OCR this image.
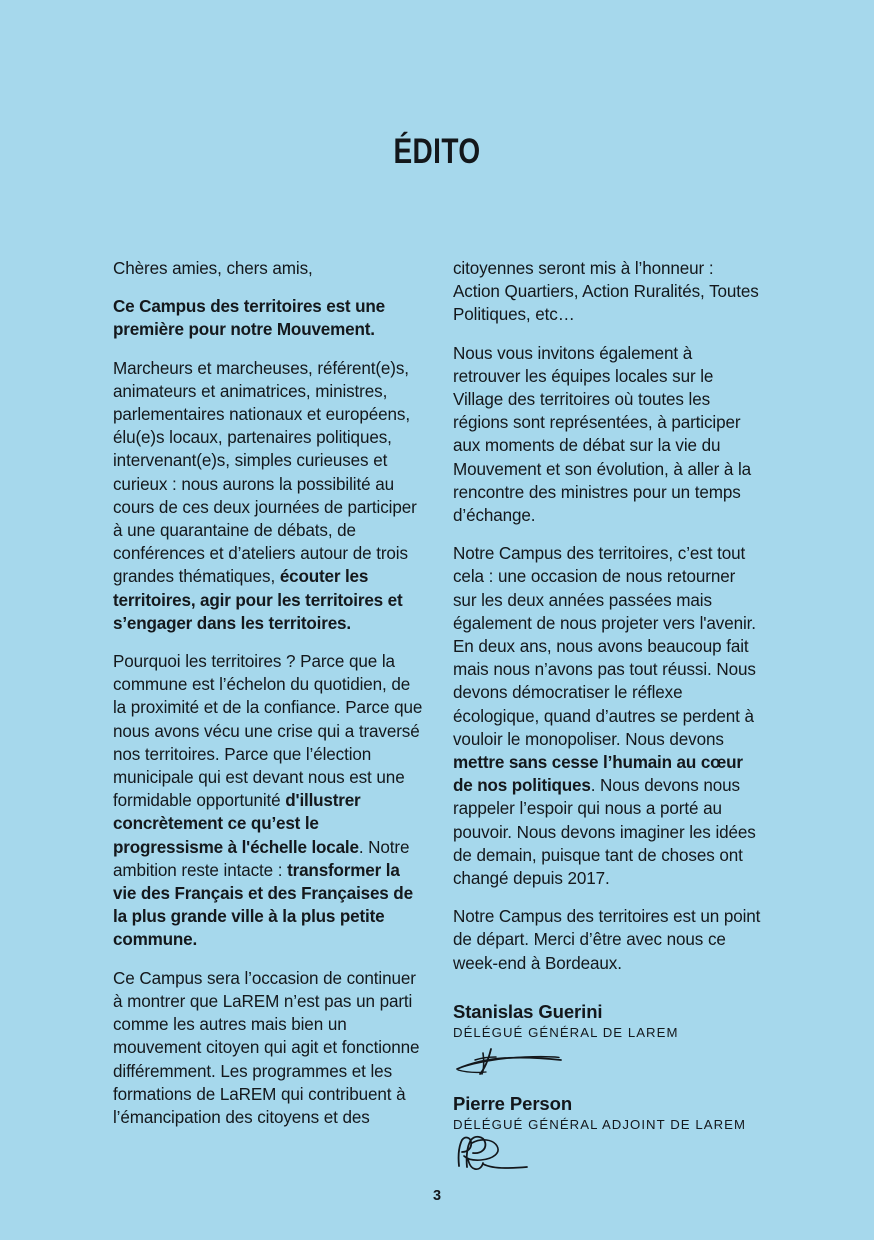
ÉDITO

Chères amies, chers amis,

Ce Campus des territoires est une première pour notre Mouvement.

Marcheurs et marcheuses, référent(e)s, animateurs et animatrices, ministres, parlementaires nationaux et européens, élu(e)s locaux, partenaires politiques, intervenant(e)s, simples curieuses et curieux : nous aurons la possibilité au cours de ces deux journées de participer à une quarantaine de débats, de conférences et d’ateliers autour de trois grandes thématiques, écouter les territoires, agir pour les territoires et s’engager dans les territoires.

Pourquoi les territoires ? Parce que la commune est l’échelon du quotidien, de la proximité et de la confiance. Parce que nous avons vécu une crise qui a traversé nos territoires. Parce que l’élection municipale qui est devant nous est une formidable opportunité d'illustrer concrètement ce qu’est le progressisme à l'échelle locale. Notre ambition reste intacte : transformer la vie des Français et des Françaises de la plus grande ville à la plus petite commune.

Ce Campus sera l’occasion de continuer à montrer que LaREM n’est pas un parti comme les autres mais bien un mouvement citoyen qui agit et fonctionne différemment. Les programmes et les formations de LaREM qui contribuent à l’émancipation des citoyens et des

citoyennes seront mis à l’honneur : Action Quartiers, Action Ruralités, Toutes Politiques, etc…

Nous vous invitons également à retrouver les équipes locales sur le Village des territoires où toutes les régions sont représentées, à participer aux moments de débat sur la vie du Mouvement et son évolution, à aller à la rencontre des ministres pour un temps d’échange.

Notre Campus des territoires, c’est tout cela : une occasion de nous retourner sur les deux années passées mais également de nous projeter vers l'avenir. En deux ans, nous avons beaucoup fait mais nous n’avons pas tout réussi. Nous devons démocratiser le réflexe écologique, quand d’autres se perdent à vouloir le monopoliser. Nous devons mettre sans cesse l’humain au cœur de nos politiques. Nous devons nous rappeler l’espoir qui nous a porté au pouvoir. Nous devons imaginer les idées de demain, puisque tant de choses ont changé depuis 2017.

Notre Campus des territoires est un point de départ. Merci d’être avec nous ce week-end à Bordeaux.

Stanislas Guerini

DÉLÉGUÉ GÉNÉRAL DE LAREM

Pierre Person

DÉLÉGUÉ GÉNÉRAL ADJOINT DE LAREM

3
